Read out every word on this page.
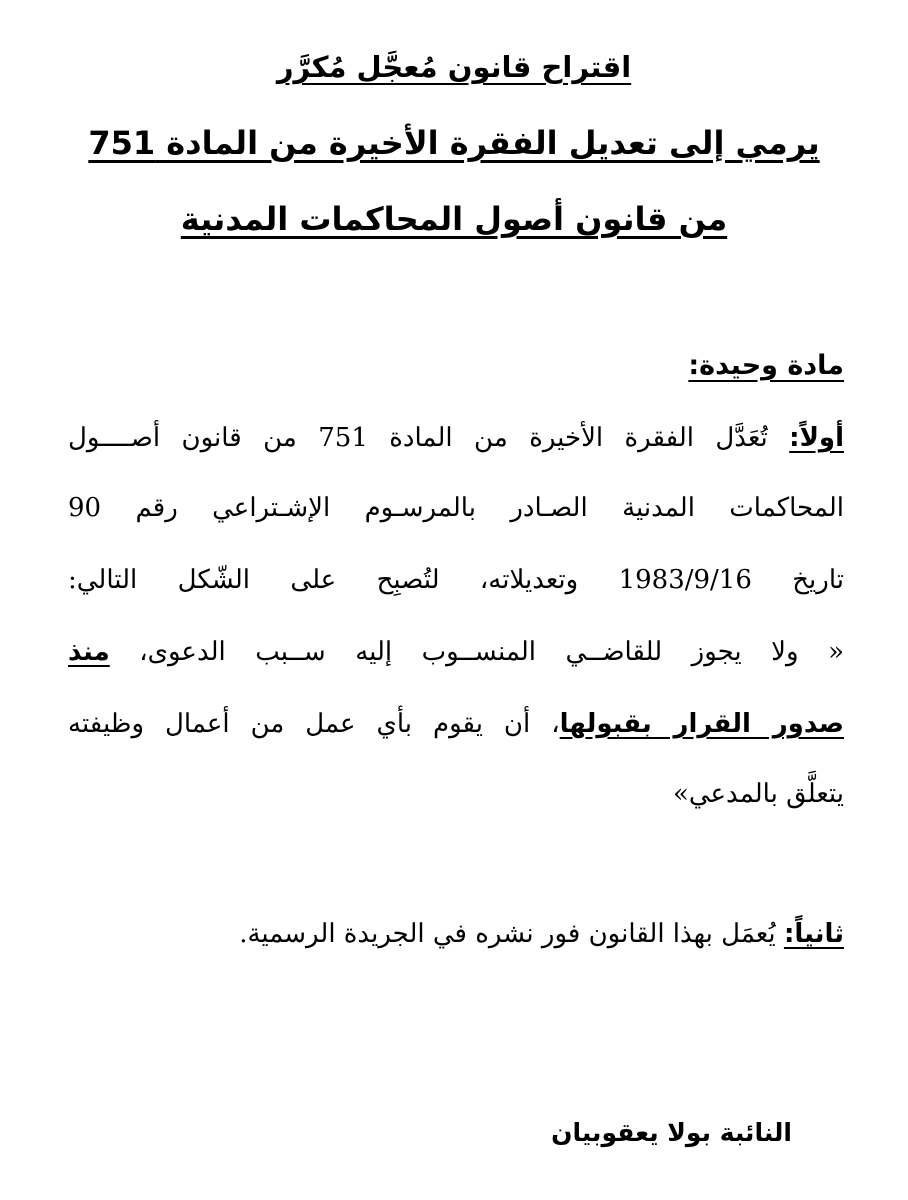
اقتراح قانون مُعجَّل مُكرَّر
يرمي إلى تعديل الفقرة الأخيرة من المادة 751
من قانون أصول المحاكمات المدنية
مادة وحيدة:
أولاً: تُعَدَّل الفقرة الأخيرة من المادة 751 من قانون أصــــول
المحاكمات المدنية الصـادر بالمرسـوم الإشـتراعي رقم 90
تاريخ 1983/9/16 وتعديلاته، لتُصبِح على الشّكل التالي:
« ولا يجوز للقاضــي المنســوب إليه ســبب الدعوى، منذ
صدور القرار بقبولها، أن يقوم بأي عمل من أعمال وظيفته
يتعلَّق بالمدعي»
ثانياً: يُعمَل بهذا القانون فور نشره في الجريدة الرسمية.
النائبة بولا يعقوبيان
